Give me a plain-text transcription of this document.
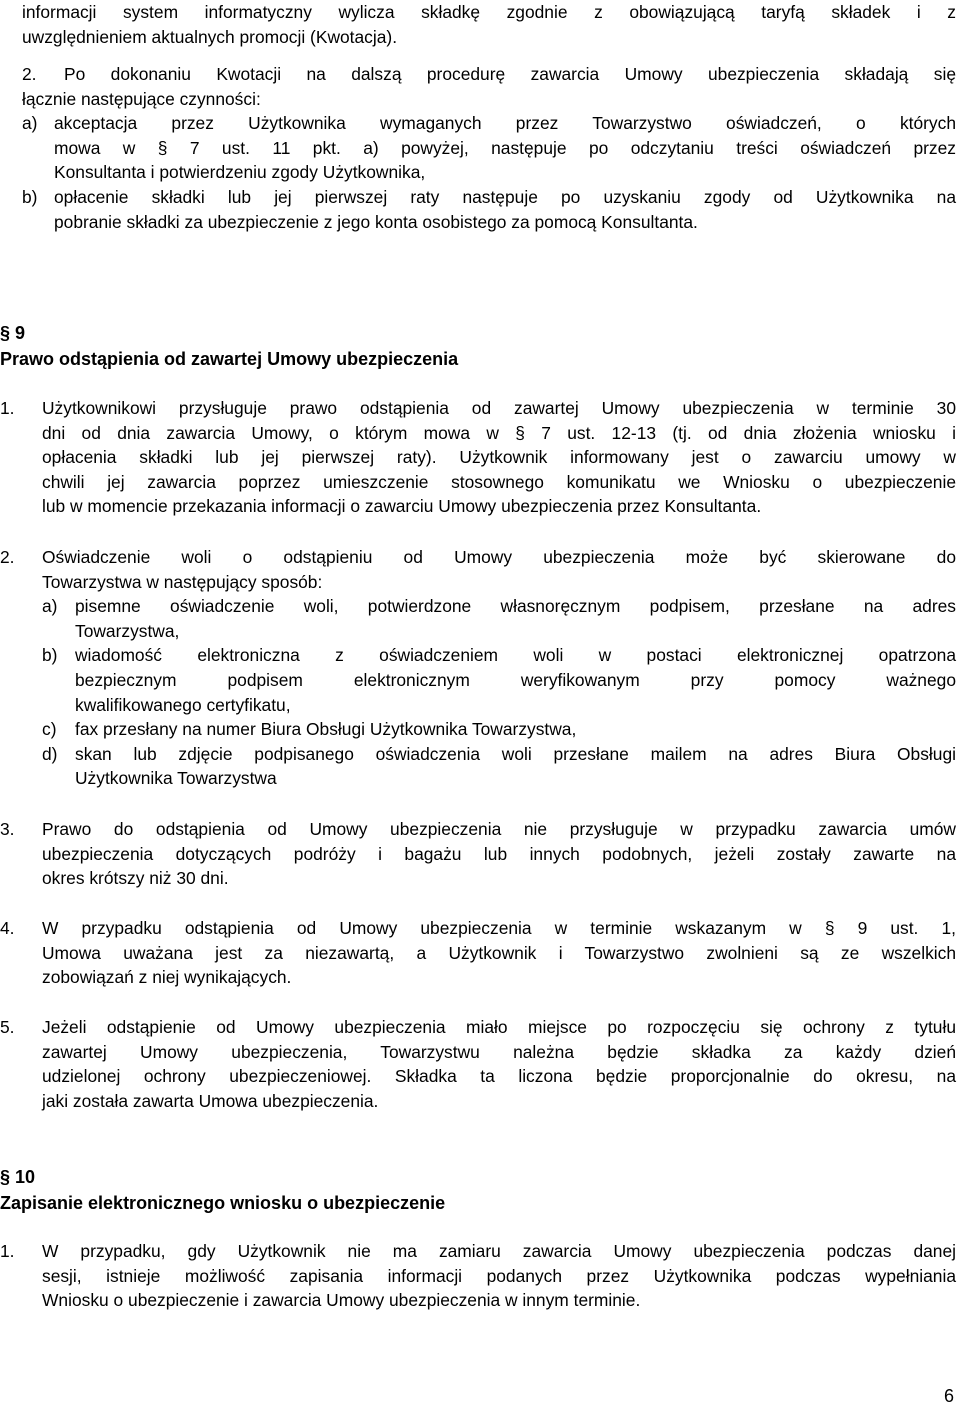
informacji system informatyczny wylicza składkę zgodnie z obowiązującą taryfą składek i z
uwzględnieniem aktualnych promocji (Kwotacja).
2. Po dokonaniu Kwotacji na dalszą procedurę zawarcia Umowy ubezpieczenia składają się
łącznie następujące czynności:
a) akceptacja przez Użytkownika wymaganych przez Towarzystwo oświadczeń, o których
mowa w § 7 ust. 11 pkt. a) powyżej, następuje po odczytaniu treści oświadczeń przez
Konsultanta i potwierdzeniu zgody Użytkownika,
b) opłacenie składki lub jej pierwszej raty następuje po uzyskaniu zgody od Użytkownika na
pobranie składki za ubezpieczenie z jego konta osobistego za pomocą Konsultanta.
§ 9
Prawo odstąpienia od zawartej Umowy ubezpieczenia
1. Użytkownikowi przysługuje prawo odstąpienia od zawartej Umowy ubezpieczenia w terminie 30
dni od dnia zawarcia Umowy, o którym mowa w § 7 ust. 12-13 (tj. od dnia złożenia wniosku i
opłacenia składki lub jej pierwszej raty). Użytkownik informowany jest o zawarciu umowy w
chwili jej zawarcia poprzez umieszczenie stosownego komunikatu we Wniosku o ubezpieczenie
lub w momencie przekazania informacji o zawarciu Umowy ubezpieczenia przez Konsultanta.
2. Oświadczenie woli o odstąpieniu od Umowy ubezpieczenia może być skierowane do
Towarzystwa w następujący sposób:
a) pisemne oświadczenie woli, potwierdzone własnoręcznym podpisem, przesłane na adres
Towarzystwa,
b) wiadomość elektroniczna z oświadczeniem woli w postaci elektronicznej opatrzona
bezpiecznym podpisem elektronicznym weryfikowanym przy pomocy ważnego
kwalifikowanego certyfikatu,
c) fax przesłany na numer Biura Obsługi Użytkownika Towarzystwa,
d) skan lub zdjęcie podpisanego oświadczenia woli przesłane mailem na adres Biura Obsługi
Użytkownika Towarzystwa
3. Prawo do odstąpienia od Umowy ubezpieczenia nie przysługuje w przypadku zawarcia umów
ubezpieczenia dotyczących podróży i bagażu lub innych podobnych, jeżeli zostały zawarte na
okres krótszy niż 30 dni.
4. W przypadku odstąpienia od Umowy ubezpieczenia w terminie wskazanym w § 9 ust. 1,
Umowa uważana jest za niezawartą, a Użytkownik i Towarzystwo zwolnieni są ze wszelkich
zobowiązań z niej wynikających.
5. Jeżeli odstąpienie od Umowy ubezpieczenia miało miejsce po rozpoczęciu się ochrony z tytułu
zawartej Umowy ubezpieczenia, Towarzystwu należna będzie składka za każdy dzień
udzielonej ochrony ubezpieczeniowej. Składka ta liczona będzie proporcjonalnie do okresu, na
jaki została zawarta Umowa ubezpieczenia.
§ 10
Zapisanie elektronicznego wniosku o ubezpieczenie
1. W przypadku, gdy Użytkownik nie ma zamiaru zawarcia Umowy ubezpieczenia podczas danej
sesji, istnieje możliwość zapisania informacji podanych przez Użytkownika podczas wypełniania
Wniosku o ubezpieczenie i zawarcia Umowy ubezpieczenia w innym terminie.
6
